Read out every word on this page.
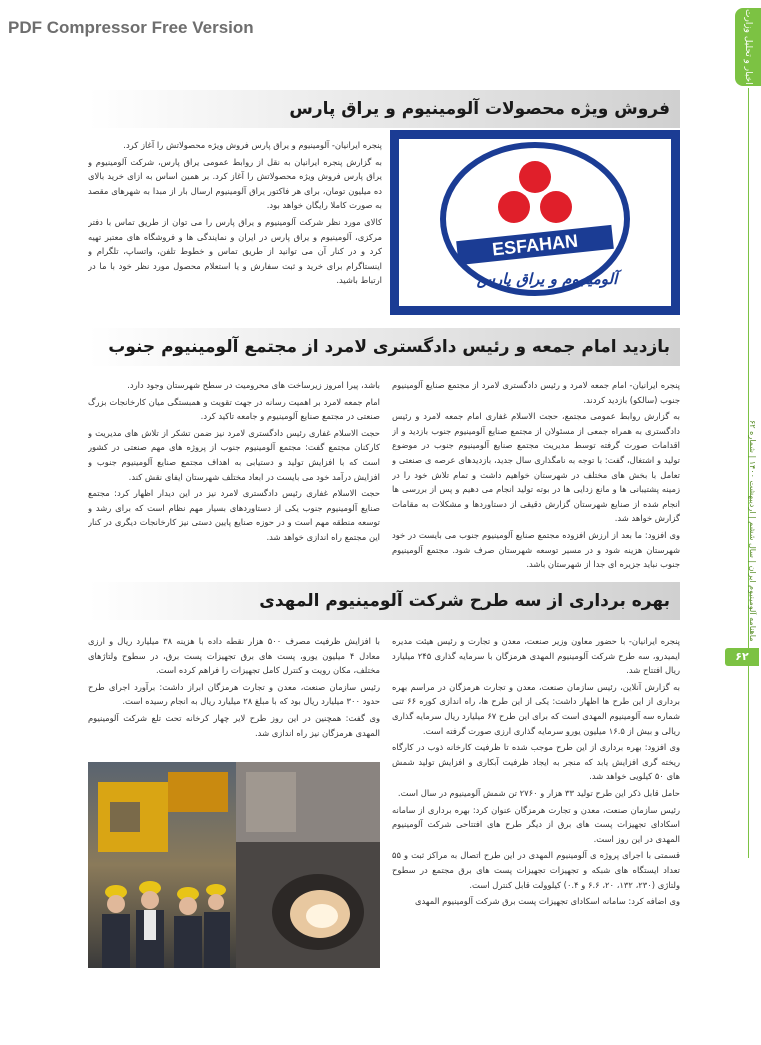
PDF Compressor Free Version	اخبار و تحلیل وزارت
ماهنامه آلومینیوم ایران | سال ششم | اردیبهشت ۱۴۰۰ | شماره ۶۲
۶۲
فروش ویژه محصولات آلومینیوم و یراق پارس
ESFAHAN
آلومینیوم و یراق پارس

پنجره ایرانیان- آلومینیوم و یراق پارس فروش ویژه محصولاتش را آغاز کرد.

به گزارش پنجره ایرانیان به نقل از روابط عمومی یراق پارس، شرکت آلومینیوم و یراق پارس فروش ویژه محصولاتش را آغاز کرد. بر همین اساس به ازای خرید بالای ده میلیون تومان، برای هر فاکتور یراق آلومینیوم ارسال بار از مبدا به شهرهای مقصد به صورت کاملا رایگان خواهد بود.

کالای مورد نظر شرکت آلومینیوم و یراق پارس را می توان از طریق تماس با دفتر مرکزی، آلومینیوم و یراق پارس در ایران و نمایندگی ها و فروشگاه های معتبر تهیه کرد و در کنار آن می توانید از طریق تماس و خطوط تلفن، واتساپ، تلگرام و اینستاگرام برای خرید و ثبت سفارش و یا استعلام محصول مورد نظر خود با ما در ارتباط باشید.

بازدید امام جمعه و رئیس دادگستری لامرد از مجتمع آلومینیوم جنوب

پنجره ایرانیان- امام جمعه لامرد و رئیس دادگستری لامرد از مجتمع صنایع آلومینیوم جنوب (سالکو) بازدید کردند.

به گزارش روابط عمومی مجتمع، حجت الاسلام غفاری امام جمعه لامرد و رئیس دادگستری به همراه جمعی از مسئولان از مجتمع صنایع آلومینیوم جنوب بازدید و از اقدامات صورت گرفته توسط مدیریت مجتمع صنایع آلومینیوم جنوب در موضوع تولید و اشتغال، گفت: با توجه به نامگذاری سال جدید، بازدیدهای عرصه ی صنعتی و تعامل با بخش های مختلف در شهرستان خواهیم داشت و تمام تلاش خود را در زمینه پشتیبانی ها و مانع زدایی ها در بوته تولید انجام می دهیم و پس از بررسی ها انجام شده از صنایع شهرستان گزارش دقیقی از دستاوردها و مشکلات به مقامات گزارش خواهد شد.

وی افزود: ما بعد از ارزش افزوده مجتمع صنایع آلومینیوم جنوب می بایست در خود شهرستان هزینه شود و در مسیر توسعه شهرستان صرف شود. مجتمع آلومینیوم جنوب نباید جزیره ای جدا از شهرستان باشد.

باشد، پیرا امروز زیرساخت های محرومیت در سطح شهرستان وجود دارد.

امام جمعه لامرد بر اهمیت رسانه در جهت تقویت و همبستگی میان کارخانجات بزرگ صنعتی در مجتمع صنایع آلومینیوم و جامعه تاکید کرد.

حجت الاسلام غفاری رئیس دادگستری لامرد نیز ضمن تشکر از تلاش های مدیریت و کارکنان مجتمع گفت: مجتمع آلومینیوم جنوب از پروژه های مهم صنعتی در کشور است که با افزایش تولید و دستیابی به اهداف مجتمع صنایع آلومینیوم جنوب و افزایش درآمد خود می بایست در ابعاد مختلف شهرستان ایفای نقش کند.

حجت الاسلام غفاری رئیس دادگستری لامرد نیز در این دیدار اظهار کرد: مجتمع صنایع آلومینیوم جنوب یکی از دستاوردهای بسیار مهم نظام است که برای رشد و توسعه منطقه مهم است و در حوزه صنایع پایین دستی نیز کارخانجات دیگری در کنار این مجتمع راه اندازی خواهد شد.

بهره برداری از سه طرح شرکت آلومینیوم المهدی

پنجره ایرانیان- با حضور معاون وزیر صنعت، معدن و تجارت و رئیس هیئت مدیره ایمیدرو، سه طرح شرکت آلومینیوم المهدی هرمزگان با سرمایه گذاری ۲۴۵ میلیارد ریال افتتاح شد.

به گزارش آنلاین، رئیس سازمان صنعت، معدن و تجارت هرمزگان در مراسم بهره برداری از این طرح ها اظهار داشت: یکی از این طرح ها، راه اندازی کوره ۶۶ تنی شماره سه آلومینیوم المهدی است که برای این طرح ۶۷ میلیارد ریال سرمایه گذاری ریالی و بیش از ۱۶.۵ میلیون یورو سرمایه گذاری ارزی صورت گرفته است.

وی افزود: بهره برداری از این طرح موجب شده تا ظرفیت کارخانه ذوب در کارگاه ریخته گری افزایش یابد که منجر به ایجاد ظرفیت آبکاری و افزایش تولید شمش های ۵۰ کیلویی خواهد شد.

حامل قابل ذکر این طرح تولید ۳۳ هزار و ۲۷۶۰ تن شمش آلومینیوم در سال است.

رئیس سازمان صنعت، معدن و تجارت هرمزگان عنوان کرد: بهره برداری از سامانه اسکادای تجهیزات پست های برق از دیگر طرح های افتتاحی شرکت آلومینیوم المهدی در این روز است.

قسمتی با اجرای پروژه ی آلومینیوم المهدی در این طرح اتصال به مراکز ثبت و ۵۵ تعداد ایستگاه های شبکه و تجهیزات تجهیزات پست های برق مجتمع در سطوح ولتاژی (۲۳۰، ۱۳۲، ۲۰، ۶.۶ و ۰.۴) کیلوولت قابل کنترل است.

وی اضافه کرد: سامانه اسکادای تجهیزات پست برق شرکت آلومینیوم المهدی

با افزایش ظرفیت مصرف ۵۰۰ هزار نقطه داده با هزینه ۳۸ میلیارد ریال و ارزی معادل ۴ میلیون یورو، پست های برق تجهیزات پست برق، در سطوح ولتاژهای مختلف، مکان رویت و کنترل کامل تجهیزات را فراهم کرده است.

رئیس سازمان صنعت، معدن و تجارت هرمزگان ابراز داشت: برآورد اجرای طرح حدود ۳۰۰ میلیارد ریال بود که با مبلغ ۲۸ میلیارد ریال به انجام رسیده است.

وی گفت: همچنین در این روز طرح لایر چهار کرخانه تحت تلع شرکت آلومینیوم المهدی هرمزگان نیز راه اندازی شد.
